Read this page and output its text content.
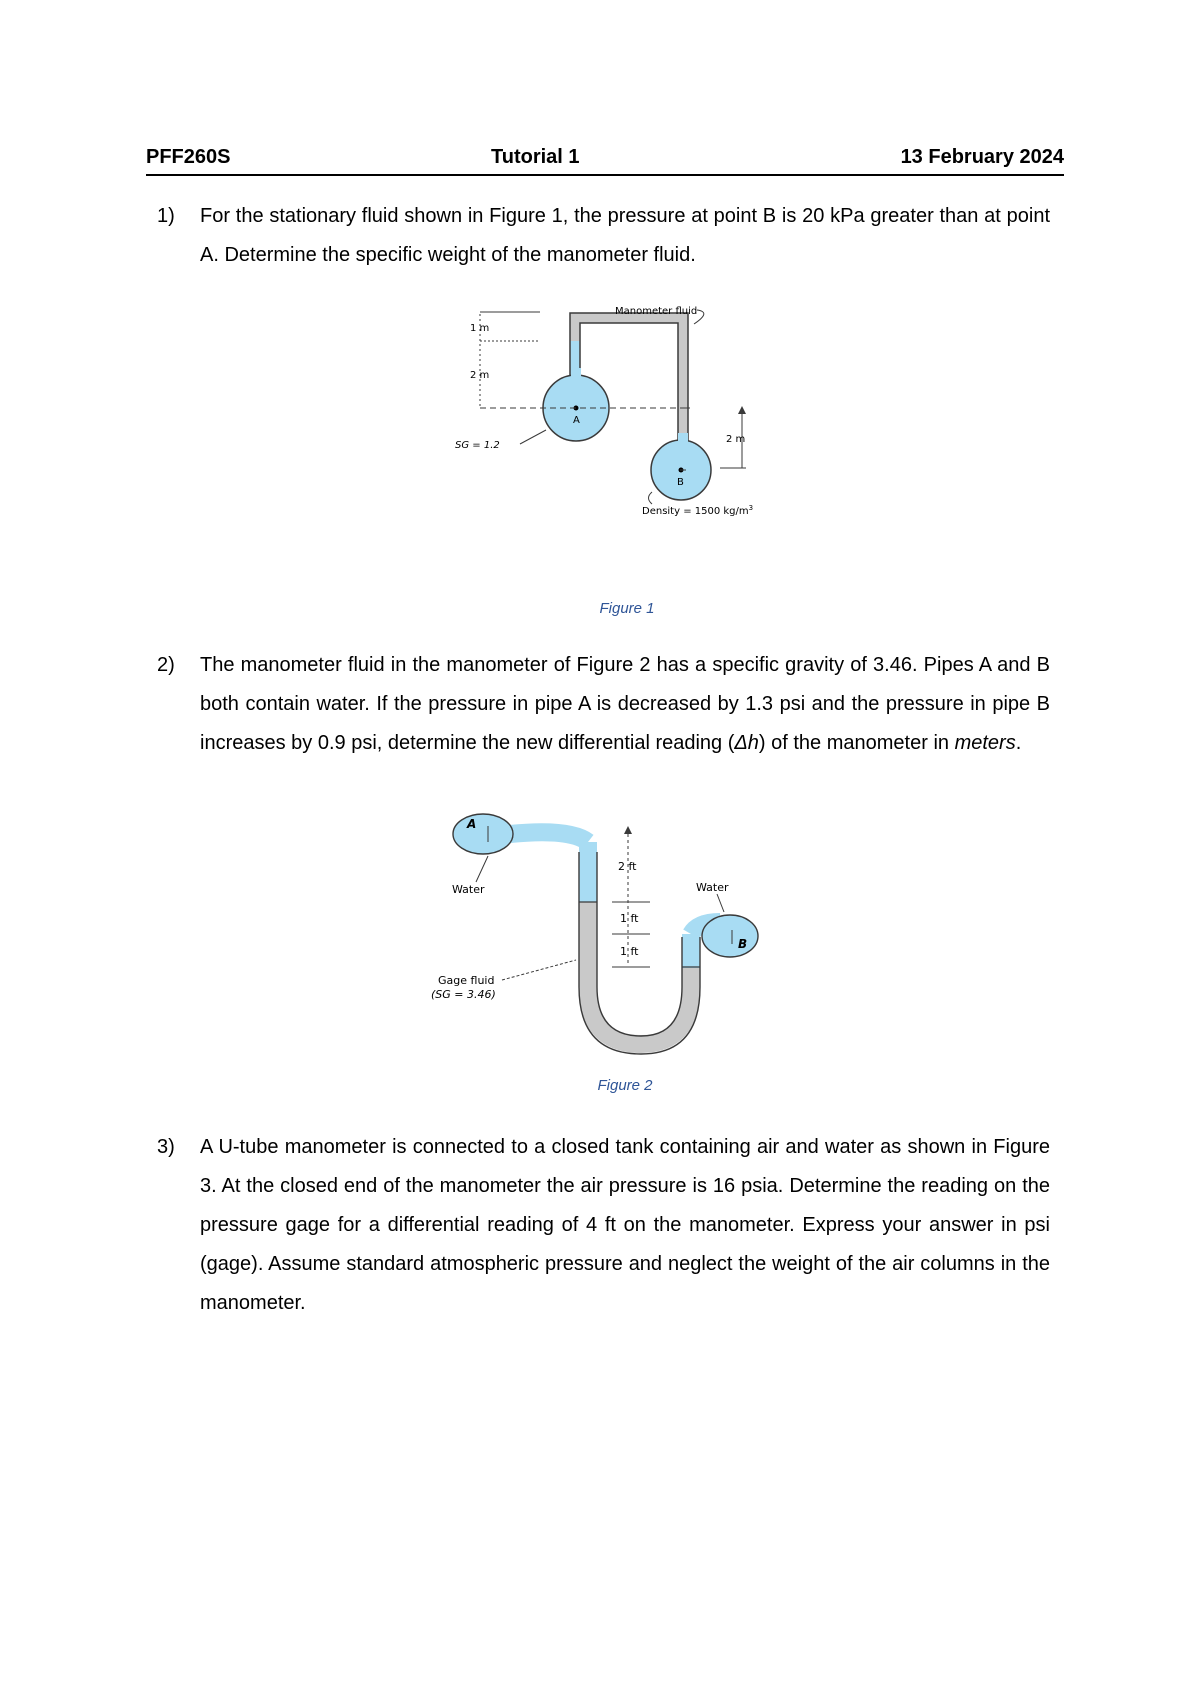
PFF260S	Tutorial 1	13 February 2024
1) For the stationary fluid shown in Figure 1, the pressure at point B is 20 kPa greater than at point A. Determine the specific weight of the manometer fluid.
A
B
1 m
2 m
2 m
Manometer fluid
SG = 1.2
Density = 1500 $kg/m^3$
Figure 1
2) The manometer fluid in the manometer of Figure 2 has a specific gravity of 3.46. Pipes A and B both contain water. If the pressure in pipe A is decreased by 1.3 psi and the pressure in pipe B increases by 0.9 psi, determine the new differential reading (Δh) of the manometer in meters.
A
B
2 ft
1 ft
1 ft
Water	Water
Gage fluid
(SG = 3.46)
Figure 2
3) A U-tube manometer is connected to a closed tank containing air and water as shown in Figure 3. At the closed end of the manometer the air pressure is 16 psia. Determine the reading on the pressure gage for a differential reading of 4 ft on the manometer. Express your answer in psi (gage). Assume standard atmospheric pressure and neglect the weight of the air columns in the manometer.
